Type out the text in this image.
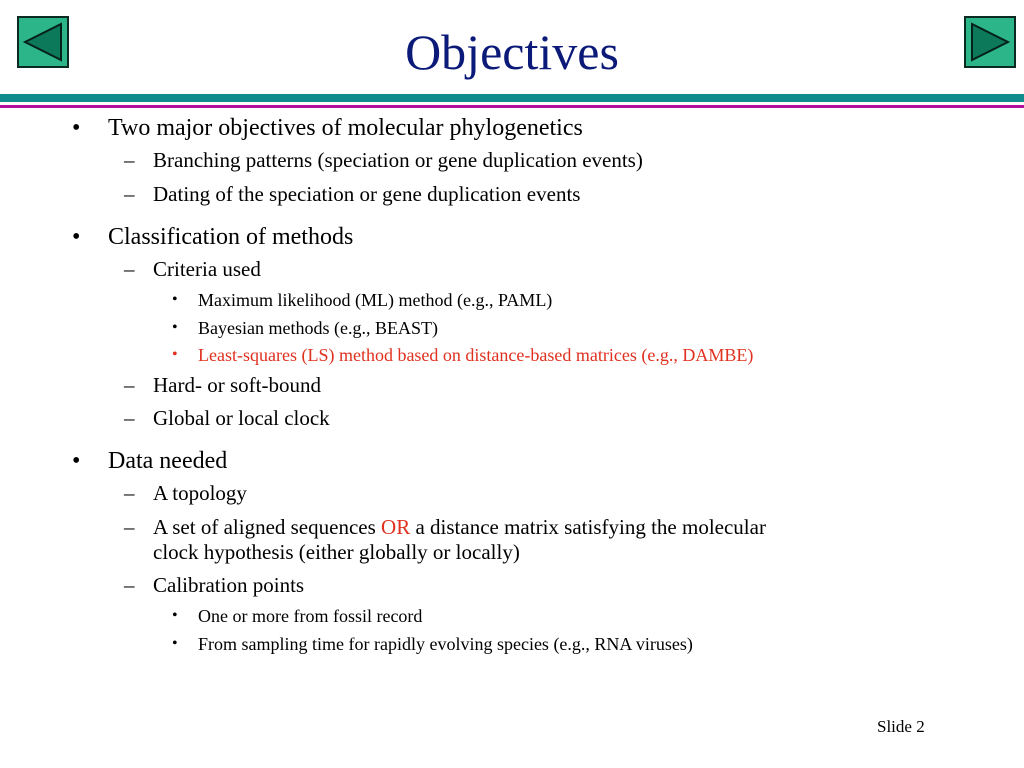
Objectives
• Two major objectives of molecular phylogenetics
– Branching patterns (speciation or gene duplication events)
– Dating of the speciation or gene duplication events
• Classification of methods
– Criteria used
• Maximum likelihood (ML) method (e.g., PAML)
• Bayesian methods (e.g., BEAST)
• Least-squares (LS) method based on distance-based matrices (e.g., DAMBE)
– Hard- or soft-bound
– Global or local clock
• Data needed
– A topology
– A set of aligned sequences OR a distance matrix satisfying the molecular
clock hypothesis (either globally or locally)
– Calibration points
• One or more from fossil record
• From sampling time for rapidly evolving species (e.g., RNA viruses)
Slide 2
